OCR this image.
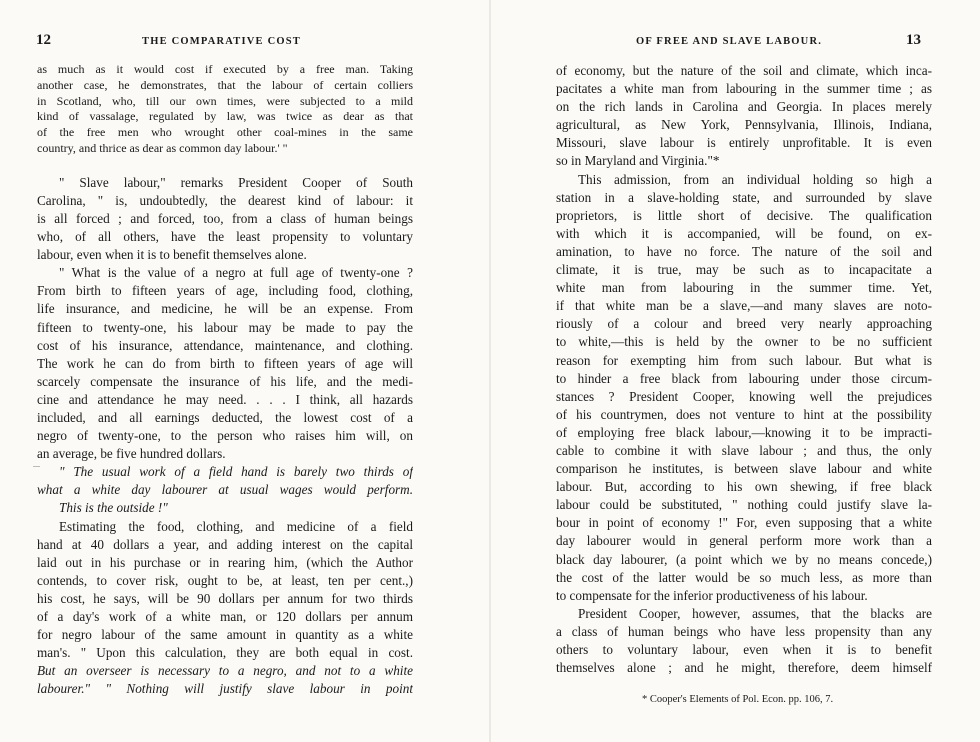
12	THE COMPARATIVE COST
as much as it would cost if executed by a free man. Taking
another case, he demonstrates, that the labour of certain colliers
in Scotland, who, till our own times, were subjected to a mild
kind of vassalage, regulated by law, was twice as dear as that
of the free men who wrought other coal-mines in the same
country, and thrice as dear as common day labour.' "
" Slave labour," remarks President Cooper of South
Carolina, " is, undoubtedly, the dearest kind of labour: it
is all forced ; and forced, too, from a class of human beings
who, of all others, have the least propensity to voluntary
labour, even when it is to benefit themselves alone.
" What is the value of a negro at full age of twenty-one ?
From birth to fifteen years of age, including food, clothing,
life insurance, and medicine, he will be an expense. From
fifteen to twenty-one, his labour may be made to pay the
cost of his insurance, attendance, maintenance, and clothing.
The work he can do from birth to fifteen years of age will
scarcely compensate the insurance of his life, and the medi-
cine and attendance he may need. . . . I think, all hazards
included, and all earnings deducted, the lowest cost of a
negro of twenty-one, to the person who raises him will, on
an average, be five hundred dollars.
" The usual work of a field hand is barely two thirds of
what a white day labourer at usual wages would perform.
This is the outside !"
Estimating the food, clothing, and medicine of a field
hand at 40 dollars a year, and adding interest on the capital
laid out in his purchase or in rearing him, (which the Author
contends, to cover risk, ought to be, at least, ten per cent.,)
his cost, he says, will be 90 dollars per annum for two thirds
of a day's work of a white man, or 120 dollars per annum
for negro labour of the same amount in quantity as a white
man's. " Upon this calculation, they are both equal in cost.
But an overseer is necessary to a negro, and not to a white
labourer." " Nothing will justify slave labour in point
OF FREE AND SLAVE LABOUR.	13
of economy, but the nature of the soil and climate, which inca-
pacitates a white man from labouring in the summer time ; as
on the rich lands in Carolina and Georgia. In places merely
agricultural, as New York, Pennsylvania, Illinois, Indiana,
Missouri, slave labour is entirely unprofitable. It is even
so in Maryland and Virginia."*
This admission, from an individual holding so high a
station in a slave-holding state, and surrounded by slave
proprietors, is little short of decisive. The qualification
with which it is accompanied, will be found, on ex-
amination, to have no force. The nature of the soil and
climate, it is true, may be such as to incapacitate a
white man from labouring in the summer time. Yet,
if that white man be a slave,—and many slaves are noto-
riously of a colour and breed very nearly approaching
to white,—this is held by the owner to be no sufficient
reason for exempting him from such labour. But what is
to hinder a free black from labouring under those circum-
stances ? President Cooper, knowing well the prejudices
of his countrymen, does not venture to hint at the possibility
of employing free black labour,—knowing it to be impracti-
cable to combine it with slave labour ; and thus, the only
comparison he institutes, is between slave labour and white
labour. But, according to his own shewing, if free black
labour could be substituted, " nothing could justify slave la-
bour in point of economy !" For, even supposing that a white
day labourer would in general perform more work than a
black day labourer, (a point which we by no means concede,)
the cost of the latter would be so much less, as more than
to compensate for the inferior productiveness of his labour.
President Cooper, however, assumes, that the blacks are
a class of human beings who have less propensity than any
others to voluntary labour, even when it is to benefit
themselves alone ; and he might, therefore, deem himself
* Cooper's Elements of Pol. Econ. pp. 106, 7.
